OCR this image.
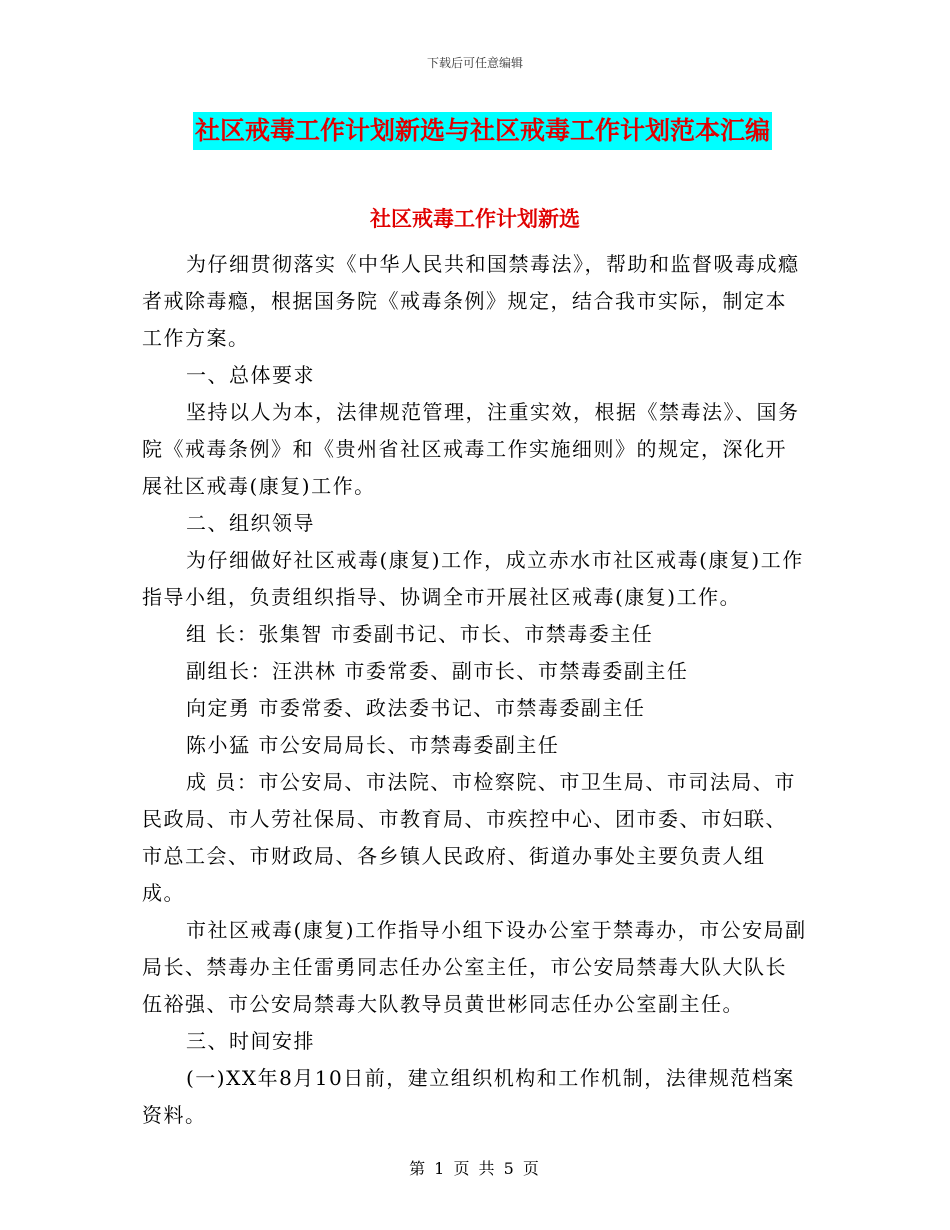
下载后可任意编辑
社区戒毒工作计划新选与社区戒毒工作计划范本汇编
社区戒毒工作计划新选

为仔细贯彻落实《中华人民共和国禁毒法》，帮助和监督吸毒成瘾者戒除毒瘾，根据国务院《戒毒条例》规定，结合我市实际，制定本工作方案。

一、总体要求

坚持以人为本，法律规范管理，注重实效，根据《禁毒法》、国务院《戒毒条例》和《贵州省社区戒毒工作实施细则》的规定，深化开展社区戒毒(康复)工作。

二、组织领导

为仔细做好社区戒毒(康复)工作，成立赤水市社区戒毒(康复)工作指导小组，负责组织指导、协调全市开展社区戒毒(康复)工作。

组 长：张集智 市委副书记、市长、市禁毒委主任

副组长：汪洪林 市委常委、副市长、市禁毒委副主任

向定勇 市委常委、政法委书记、市禁毒委副主任

陈小猛 市公安局局长、市禁毒委副主任

成 员：市公安局、市法院、市检察院、市卫生局、市司法局、市民政局、市人劳社保局、市教育局、市疾控中心、团市委、市妇联、市总工会、市财政局、各乡镇人民政府、街道办事处主要负责人组成。

市社区戒毒(康复)工作指导小组下设办公室于禁毒办，市公安局副局长、禁毒办主任雷勇同志任办公室主任，市公安局禁毒大队大队长伍裕强、市公安局禁毒大队教导员黄世彬同志任办公室副主任。

三、时间安排

(一)XX年8月10日前，建立组织机构和工作机制，法律规范档案资料。

第 1 页 共 5 页
